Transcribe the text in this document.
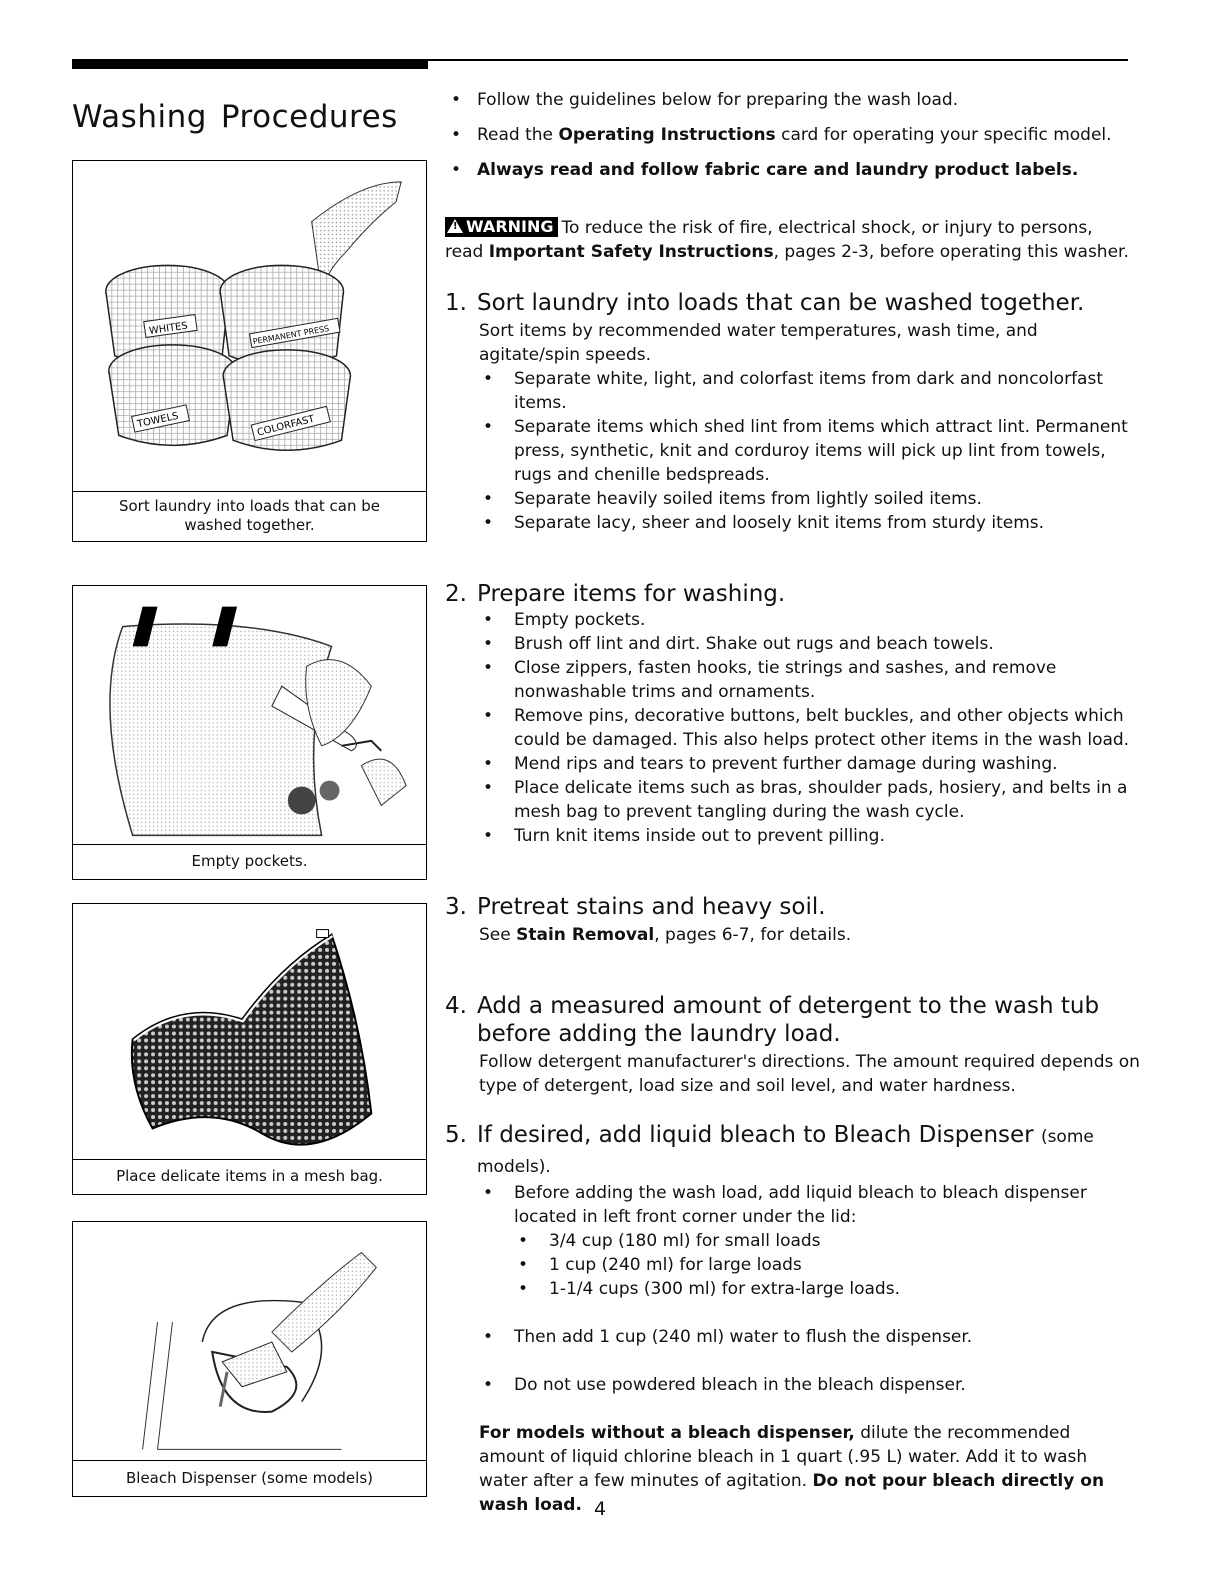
Washing Procedures
•	Follow the guidelines below for preparing the wash load.
• Read the Operating Instructions card for operating your specific model.
• Always read and follow fabric care and laundry product labels.
!WARNING To reduce the risk of fire, electrical shock, or injury to persons, read Important Safety Instructions, pages 2-3, before operating this washer.
WHITES	PERMANENT PRESS
TOWELS	COLORFAST
Sort laundry into loads that can be washed together.
Empty pockets.
Place delicate items in a mesh bag.
Bleach Dispenser (some models)
1. Sort laundry into loads that can be washed together.

Sort items by recommended water temperatures, wash time, and agitate/spin speeds.

• Separate white, light, and colorfast items from dark and noncolorfast items.
• Separate items which shed lint from items which attract lint. Permanent press, synthetic, knit and corduroy items will pick up lint from towels, rugs and chenille bedspreads.
• Separate heavily soiled items from lightly soiled items.
• Separate lacy, sheer and loosely knit items from sturdy items.
2. Prepare items for washing.
• Empty pockets.
• Brush off lint and dirt. Shake out rugs and beach towels.
• Close zippers, fasten hooks, tie strings and sashes, and remove nonwashable trims and ornaments.
• Remove pins, decorative buttons, belt buckles, and other objects which could be damaged. This also helps protect other items in the wash load.
• Mend rips and tears to prevent further damage during washing.
• Place delicate items such as bras, shoulder pads, hosiery, and belts in a mesh bag to prevent tangling during the wash cycle.
• Turn knit items inside out to prevent pilling.
3. Pretreat stains and heavy soil.

See Stain Removal, pages 6-7, for details.

4. Add a measured amount of detergent to the wash tub before adding the laundry load.

Follow detergent manufacturer's directions. The amount required depends on type of detergent, load size and soil level, and water hardness.

5. If desired, add liquid bleach to Bleach Dispenser (some models).
• Before adding the wash load, add liquid bleach to bleach dispenser located in left front corner under the lid:
• 3/4 cup (180 ml) for small loads
• 1 cup (240 ml) for large loads
• 1-1/4 cups (300 ml) for extra-large loads.
• Then add 1 cup (240 ml) water to flush the dispenser.
• Do not use powdered bleach in the bleach dispenser.

For models without a bleach dispenser, dilute the recommended amount of liquid chlorine bleach in 1 quart (.95 L) water. Add it to wash water after a few minutes of agitation. Do not pour bleach directly on wash load. 4
